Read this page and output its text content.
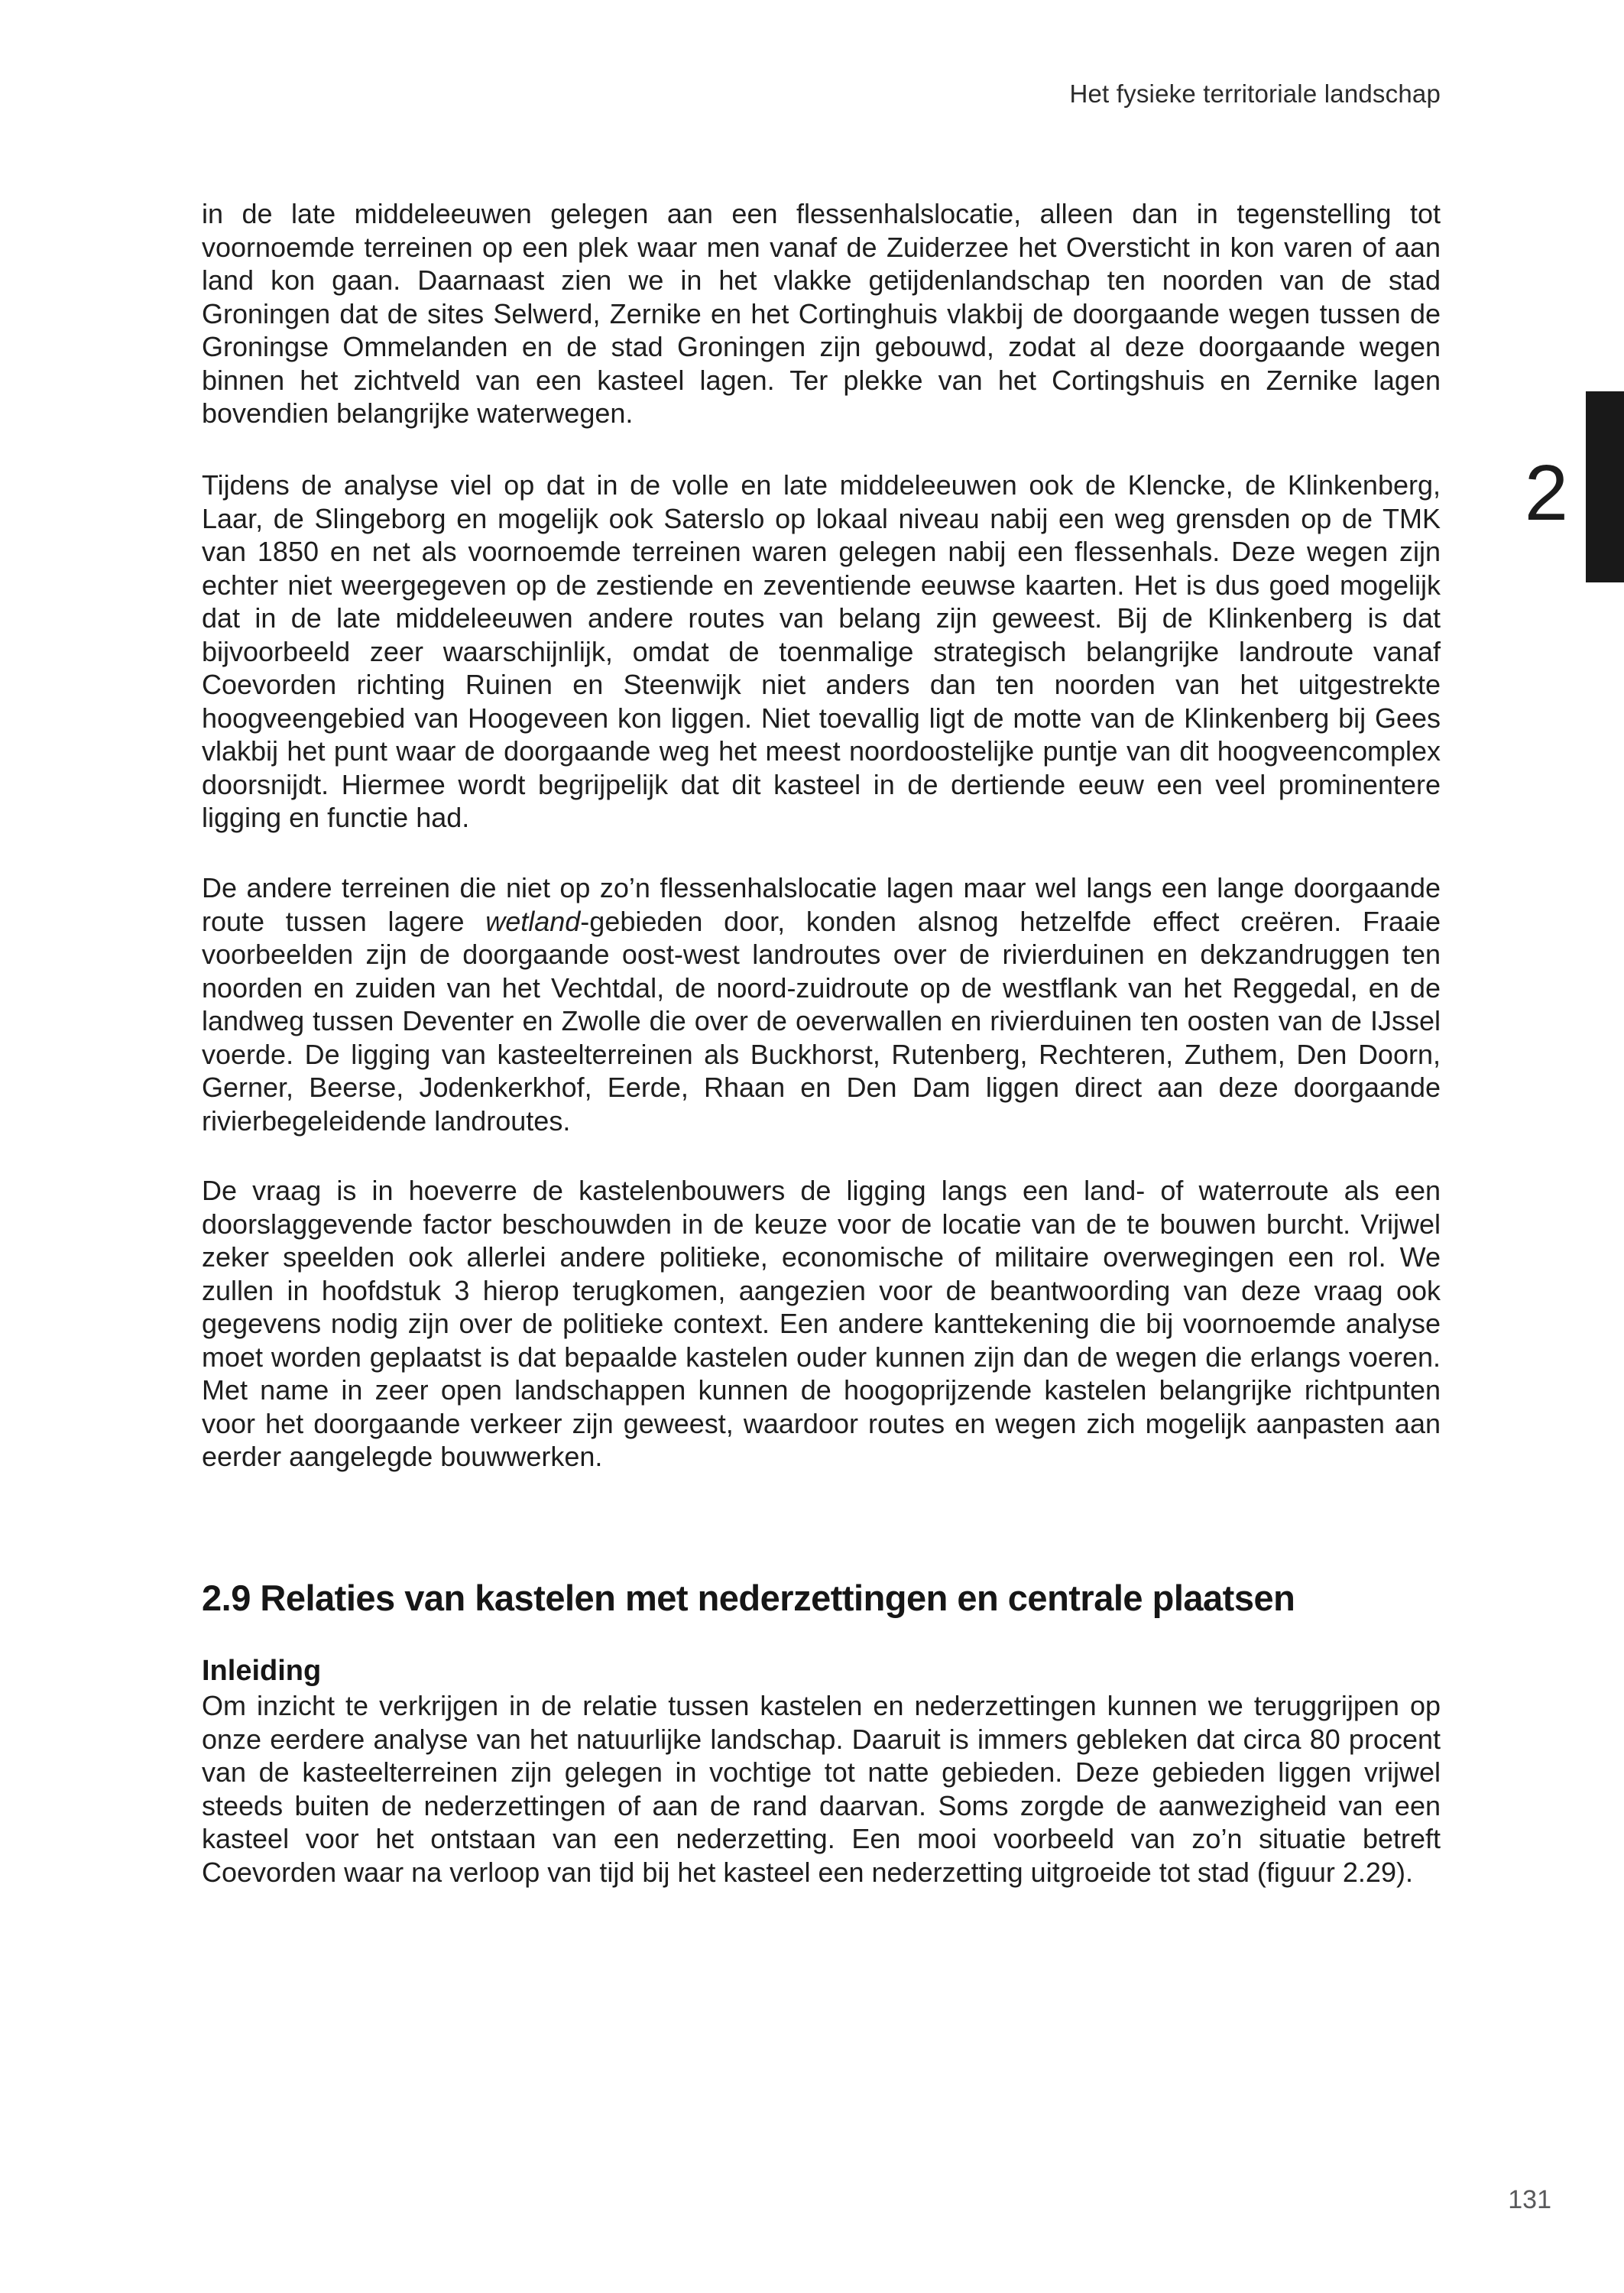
Het fysieke territoriale landschap
2

in de late middeleeuwen gelegen aan een flessenhalslocatie, alleen dan in tegenstelling tot voornoemde terreinen op een plek waar men vanaf de Zuiderzee het Oversticht in kon varen of aan land kon gaan. Daarnaast zien we in het vlakke getijdenlandschap ten noorden van de stad Groningen dat de sites Selwerd, Zernike en het Cortinghuis vlakbij de doorgaande wegen tussen de Groningse Ommelanden en de stad Groningen zijn gebouwd, zodat al deze doorgaande wegen binnen het zichtveld van een kasteel lagen. Ter plekke van het Cortingshuis en Zernike lagen bovendien belangrijke waterwegen.

Tijdens de analyse viel op dat in de volle en late middeleeuwen ook de Klencke, de Klinkenberg, Laar, de Slingeborg en mogelijk ook Saterslo op lokaal niveau nabij een weg grensden op de TMK van 1850 en net als voornoemde terreinen waren gelegen nabij een flessenhals. Deze wegen zijn echter niet weergegeven op de zestiende en zeventiende eeuwse kaarten. Het is dus goed mogelijk dat in de late middeleeuwen andere routes van belang zijn geweest. Bij de Klinkenberg is dat bijvoorbeeld zeer waarschijnlijk, omdat de toenmalige strategisch belangrijke landroute vanaf Coevorden richting Ruinen en Steenwijk niet anders dan ten noorden van het uitgestrekte hoogveengebied van Hoogeveen kon liggen. Niet toevallig ligt de motte van de Klinkenberg bij Gees vlakbij het punt waar de doorgaande weg het meest noordoostelijke puntje van dit hoogveencomplex doorsnijdt. Hiermee wordt begrijpelijk dat dit kasteel in de dertiende eeuw een veel prominentere ligging en functie had.

De andere terreinen die niet op zo’n flessenhalslocatie lagen maar wel langs een lange doorgaande route tussen lagere wetland-gebieden door, konden alsnog hetzelfde effect creëren. Fraaie voorbeelden zijn de doorgaande oost-west landroutes over de rivierduinen en dekzandruggen ten noorden en zuiden van het Vechtdal, de noord-zuidroute op de westflank van het Reggedal, en de landweg tussen Deventer en Zwolle die over de oeverwallen en rivierduinen ten oosten van de IJssel voerde. De ligging van kasteelterreinen als Buckhorst, Rutenberg, Rechteren, Zuthem, Den Doorn, Gerner, Beerse, Jodenkerkhof, Eerde, Rhaan en Den Dam liggen direct aan deze doorgaande rivierbegeleidende landroutes.

De vraag is in hoeverre de kastelenbouwers de ligging langs een land- of waterroute als een doorslaggevende factor beschouwden in de keuze voor de locatie van de te bouwen burcht. Vrijwel zeker speelden ook allerlei andere politieke, economische of militaire overwegingen een rol. We zullen in hoofdstuk 3 hierop terugkomen, aangezien voor de beantwoording van deze vraag ook gegevens nodig zijn over de politieke context. Een andere kanttekening die bij voornoemde analyse moet worden geplaatst is dat bepaalde kastelen ouder kunnen zijn dan de wegen die erlangs voeren. Met name in zeer open landschappen kunnen de hoogoprijzende kastelen belangrijke richtpunten voor het doorgaande verkeer zijn geweest, waardoor routes en wegen zich mogelijk aanpasten aan eerder aangelegde bouwwerken.

2.9 Relaties van kastelen met nederzettingen en centrale plaatsen
Inleiding

Om inzicht te verkrijgen in de relatie tussen kastelen en nederzettingen kunnen we teruggrijpen op onze eerdere analyse van het natuurlijke landschap. Daaruit is immers gebleken dat circa 80 procent van de kasteelterreinen zijn gelegen in vochtige tot natte gebieden. Deze gebieden liggen vrijwel steeds buiten de nederzettingen of aan de rand daarvan. Soms zorgde de aanwezigheid van een kasteel voor het ontstaan van een nederzetting. Een mooi voorbeeld van zo’n situatie betreft Coevorden waar na verloop van tijd bij het kasteel een nederzetting uitgroeide tot stad (figuur 2.29).

131
